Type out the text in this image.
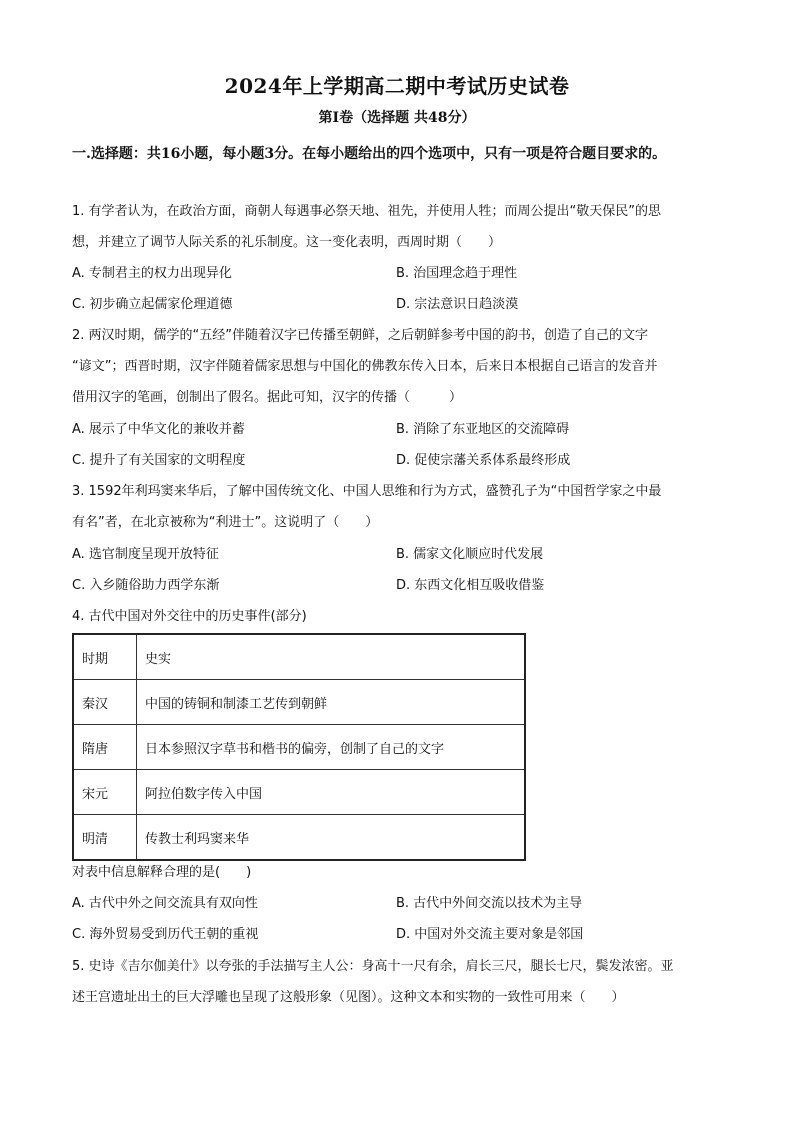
2024年上学期高二期中考试历史试卷
第Ⅰ卷（选择题 共48分）
一.选择题：共16小题，每小题3分。在每小题给出的四个选项中，只有一项是符合题目要求的。
1. 有学者认为，在政治方面，商朝人每遇事必祭天地、祖先，并使用人牲；而周公提出“敬天保民”的思
想，并建立了调节人际关系的礼乐制度。这一变化表明，西周时期（　　）
A. 专制君主的权力出现异化	B. 治国理念趋于理性
C. 初步确立起儒家伦理道德	D. 宗法意识日趋淡漠
2. 两汉时期，儒学的“五经”伴随着汉字已传播至朝鲜，之后朝鲜参考中国的韵书，创造了自己的文字
“谚文”；西晋时期，汉字伴随着儒家思想与中国化的佛教东传入日本，后来日本根据自己语言的发音并
借用汉字的笔画，创制出了假名。据此可知，汉字的传播（　　　）
A. 展示了中华文化的兼收并蓄	B. 消除了东亚地区的交流障碍
C. 提升了有关国家的文明程度	D. 促使宗藩关系体系最终形成
3. 1592年利玛窦来华后，了解中国传统文化、中国人思维和行为方式，盛赞孔子为“中国哲学家之中最
有名”者，在北京被称为“利进士”。这说明了（　　）
A. 选官制度呈现开放特征	B. 儒家文化顺应时代发展
C. 入乡随俗助力西学东渐	D. 东西文化相互吸收借鉴
4. 古代中国对外交往中的历史事件(部分)
时期	史实
秦汉	中国的铸铜和制漆工艺传到朝鲜
隋唐	日本参照汉字草书和楷书的偏旁，创制了自己的文字
宋元	阿拉伯数字传入中国
明清	传教士利玛窦来华
对表中信息解释合理的是(　　)
A. 古代中外之间交流具有双向性	B. 古代中外间交流以技术为主导
C. 海外贸易受到历代王朝的重视	D. 中国对外交流主要对象是邻国
5. 史诗《吉尔伽美什》以夸张的手法描写主人公：身高十一尺有余，肩长三尺，腿长七尺，鬓发浓密。亚
述王宫遗址出土的巨大浮雕也呈现了这般形象（见图）。这种文本和实物的一致性可用来（　　）
